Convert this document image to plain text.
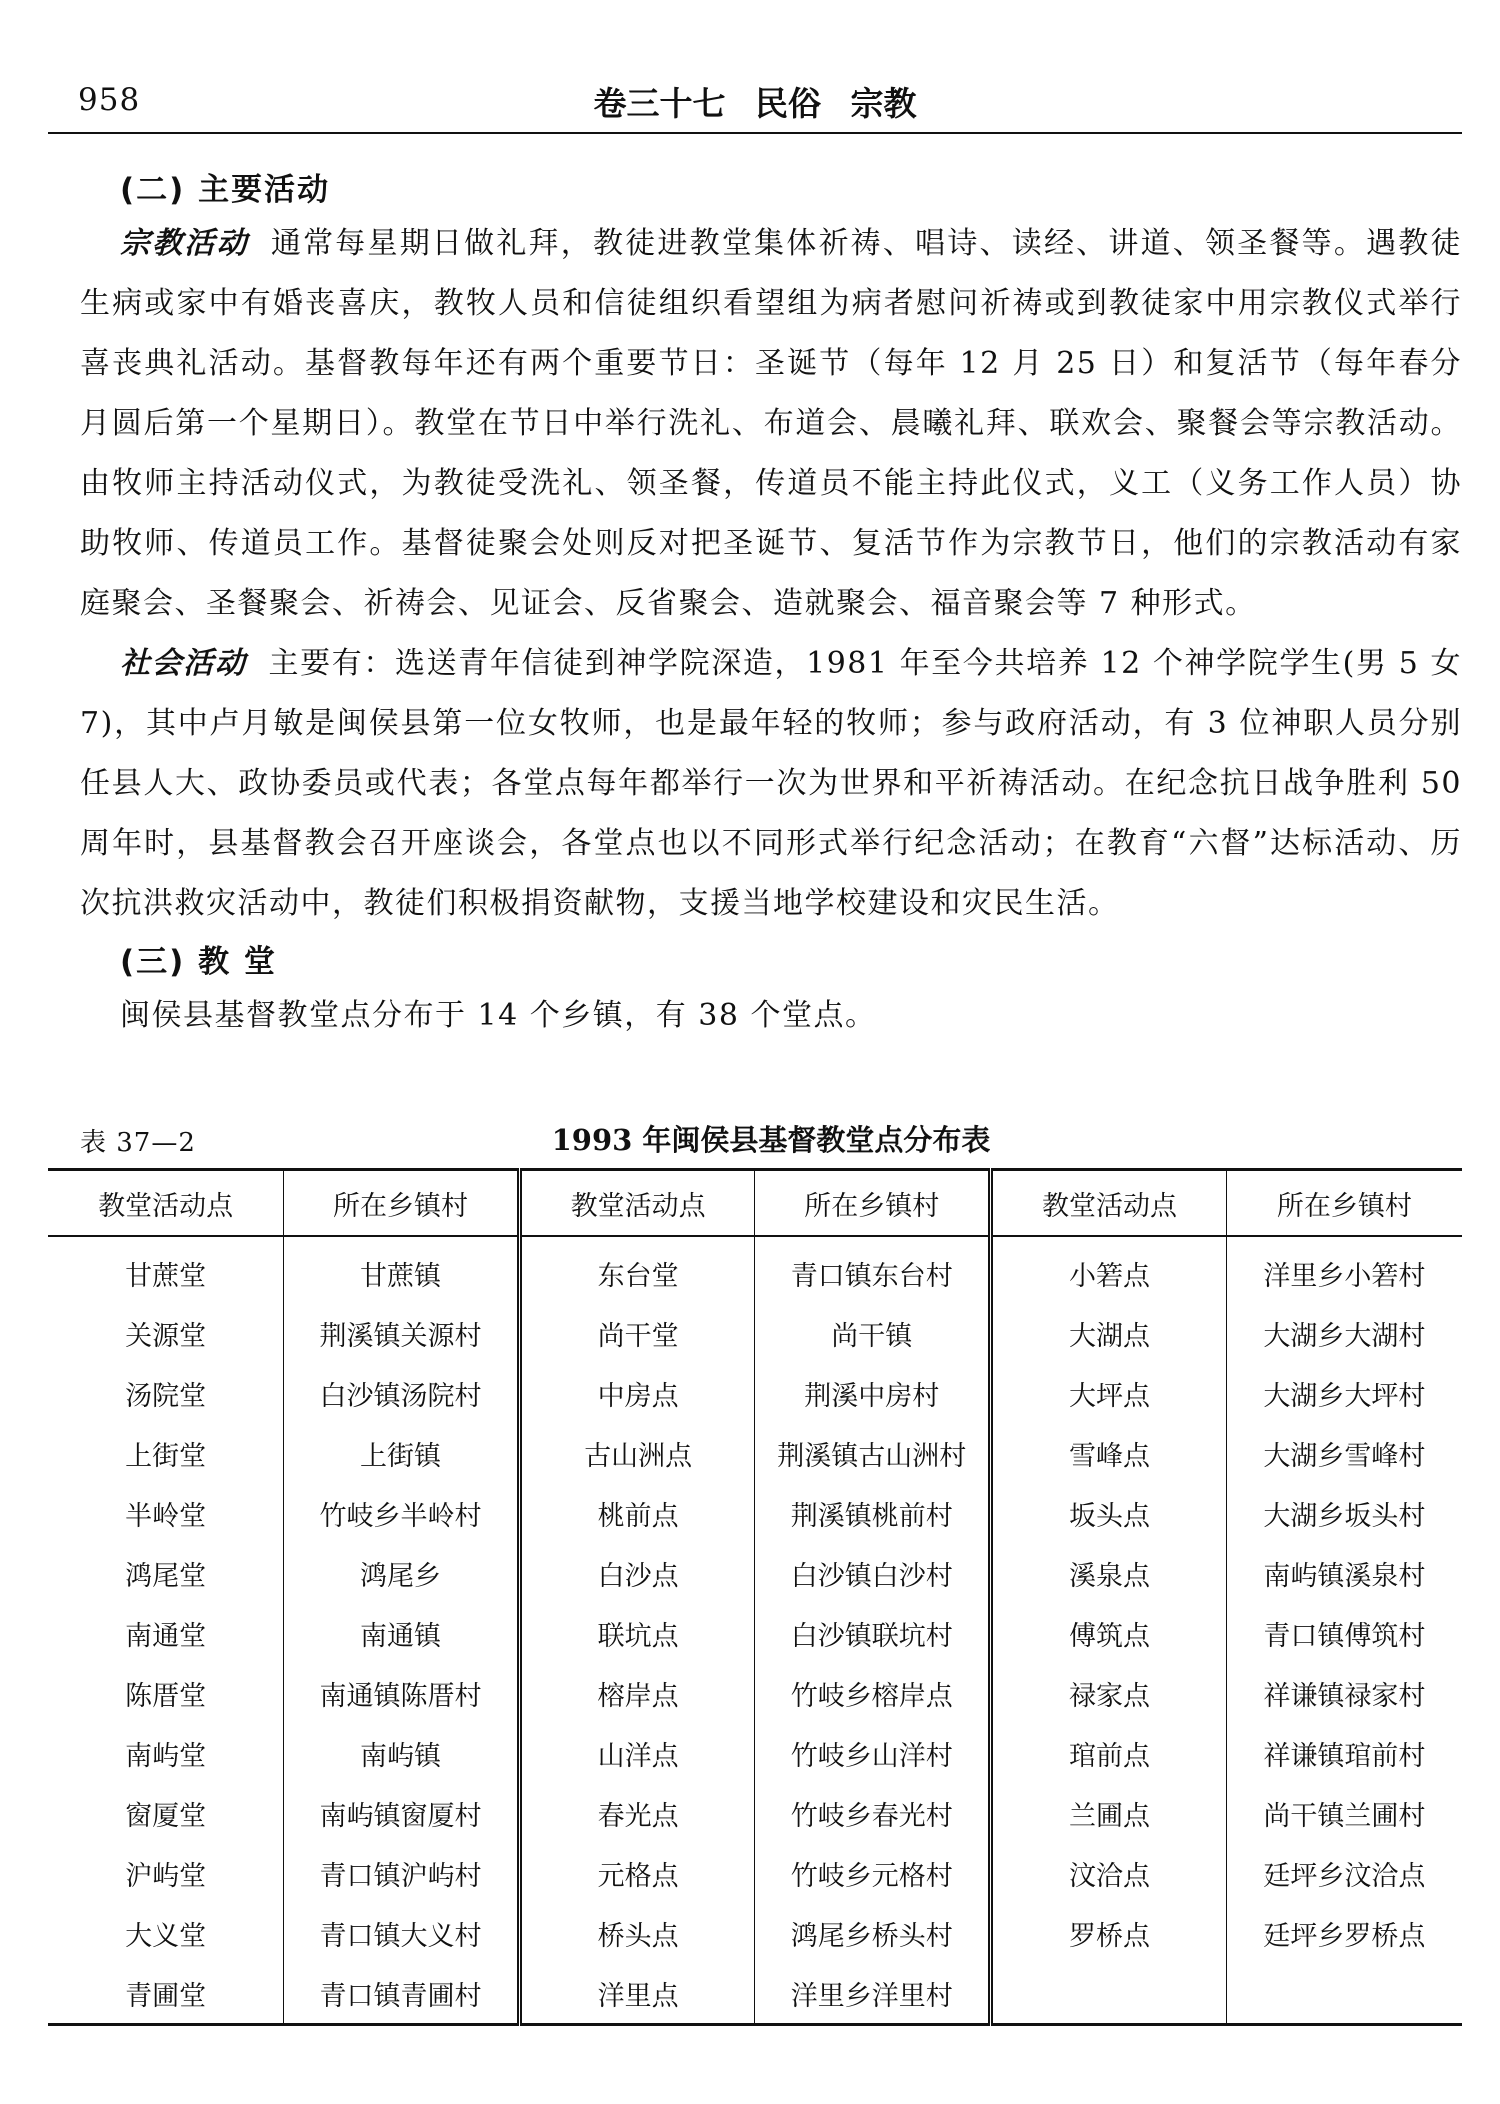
958	卷三十七 民俗 宗教

(二) 主要活动

宗教活动 通常每星期日做礼拜，教徒进教堂集体祈祷、唱诗、读经、讲道、领圣餐等。遇教徒生病或家中有婚丧喜庆，教牧人员和信徒组织看望组为病者慰问祈祷或到教徒家中用宗教仪式举行喜丧典礼活动。基督教每年还有两个重要节日：圣诞节（每年 12 月 25 日）和复活节（每年春分月圆后第一个星期日）。教堂在节日中举行洗礼、布道会、晨曦礼拜、联欢会、聚餐会等宗教活动。由牧师主持活动仪式，为教徒受洗礼、领圣餐，传道员不能主持此仪式，义工（义务工作人员）协助牧师、传道员工作。基督徒聚会处则反对把圣诞节、复活节作为宗教节日，他们的宗教活动有家庭聚会、圣餐聚会、祈祷会、见证会、反省聚会、造就聚会、福音聚会等 7 种形式。

社会活动 主要有：选送青年信徒到神学院深造，1981 年至今共培养 12 个神学院学生(男 5 女 7)，其中卢月敏是闽侯县第一位女牧师，也是最年轻的牧师；参与政府活动，有 3 位神职人员分别任县人大、政协委员或代表；各堂点每年都举行一次为世界和平祈祷活动。在纪念抗日战争胜利 50 周年时，县基督教会召开座谈会，各堂点也以不同形式举行纪念活动；在教育“六督”达标活动、历次抗洪救灾活动中，教徒们积极捐资献物，支援当地学校建设和灾民生活。

(三) 教 堂

闽侯县基督教堂点分布于 14 个乡镇，有 38 个堂点。

表 37—2	1993 年闽侯县基督教堂点分布表
教堂活动点	所在乡镇村	教堂活动点	所在乡镇村	教堂活动点	所在乡镇村
甘蔗堂	甘蔗镇	东台堂	青口镇东台村	小箬点	洋里乡小箬村
关源堂	荆溪镇关源村	尚干堂	尚干镇	大湖点	大湖乡大湖村
汤院堂	白沙镇汤院村	中房点	荆溪中房村	大坪点	大湖乡大坪村
上街堂	上街镇	古山洲点	荆溪镇古山洲村	雪峰点	大湖乡雪峰村
半岭堂	竹岐乡半岭村	桃前点	荆溪镇桃前村	坂头点	大湖乡坂头村
鸿尾堂	鸿尾乡	白沙点	白沙镇白沙村	溪泉点	南屿镇溪泉村
南通堂	南通镇	联坑点	白沙镇联坑村	傅筑点	青口镇傅筑村
陈厝堂	南通镇陈厝村	榕岸点	竹岐乡榕岸点	禄家点	祥谦镇禄家村
南屿堂	南屿镇	山洋点	竹岐乡山洋村	琯前点	祥谦镇琯前村
窗厦堂	南屿镇窗厦村	春光点	竹岐乡春光村	兰圃点	尚干镇兰圃村
沪屿堂	青口镇沪屿村	元格点	竹岐乡元格村	汶洽点	廷坪乡汶洽点
大义堂	青口镇大义村	桥头点	鸿尾乡桥头村	罗桥点	廷坪乡罗桥点
青圃堂	青口镇青圃村	洋里点	洋里乡洋里村		
